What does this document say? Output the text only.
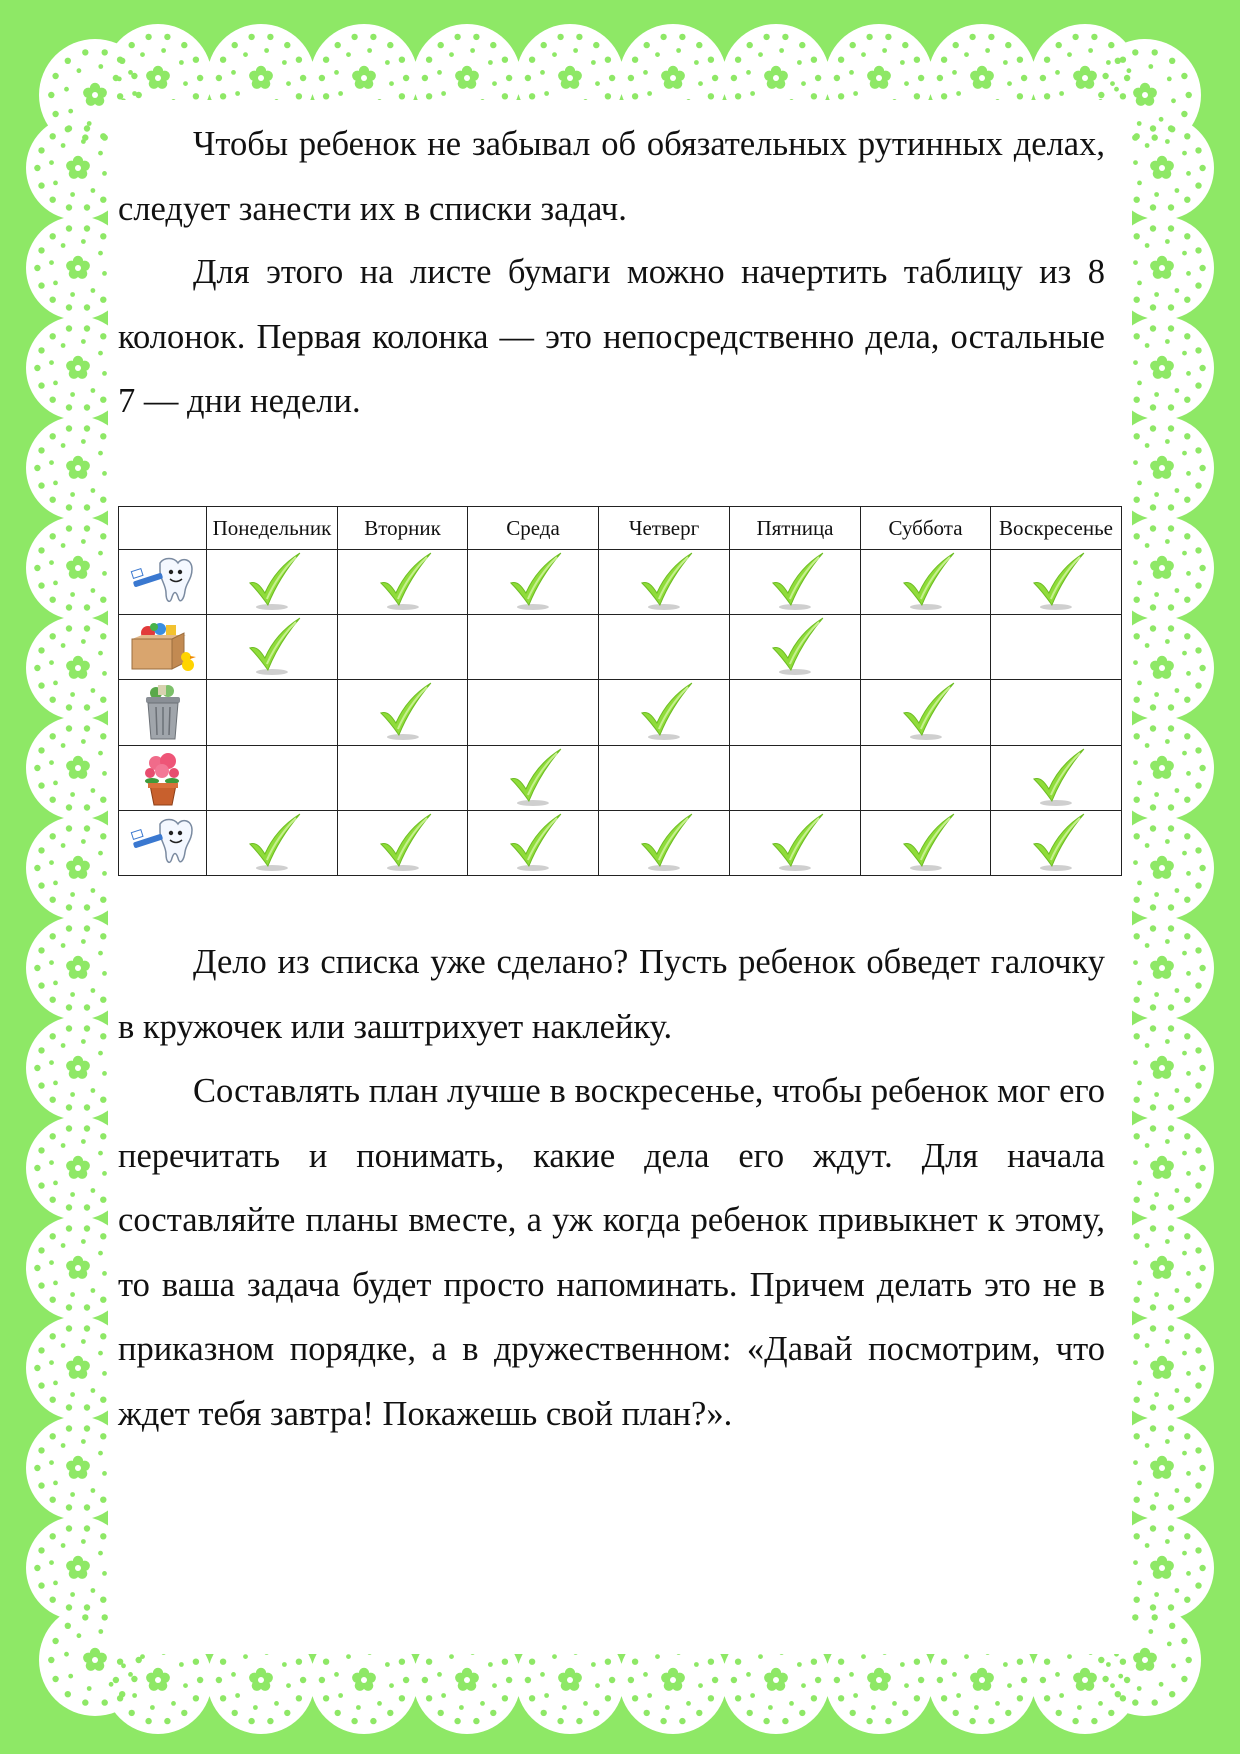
Чтобы ребенок не забывал об обязательных рутинных делах, следует занести их в списки задач.

Для этого на листе бумаги можно начертить таблицу из 8 колонок. Первая колонка — это непосредственно дела, остальные 7 — дни недели.

	Понедельник	Вторник	Среда	Четверг	Пятница	Суббота	Воскресенье

Дело из списка уже сделано? Пусть ребенок обведет галочку в кружочек или заштрихует наклейку.

Составлять план лучше в воскресенье, чтобы ребенок мог его перечитать и понимать, какие дела его ждут. Для начала составляйте планы вместе, а уж когда ребенок привыкнет к этому, то ваша задача будет просто напоминать. Причем делать это не в приказном порядке, а в дружественном: «Давай посмотрим, что ждет тебя завтра! Покажешь свой план?».
